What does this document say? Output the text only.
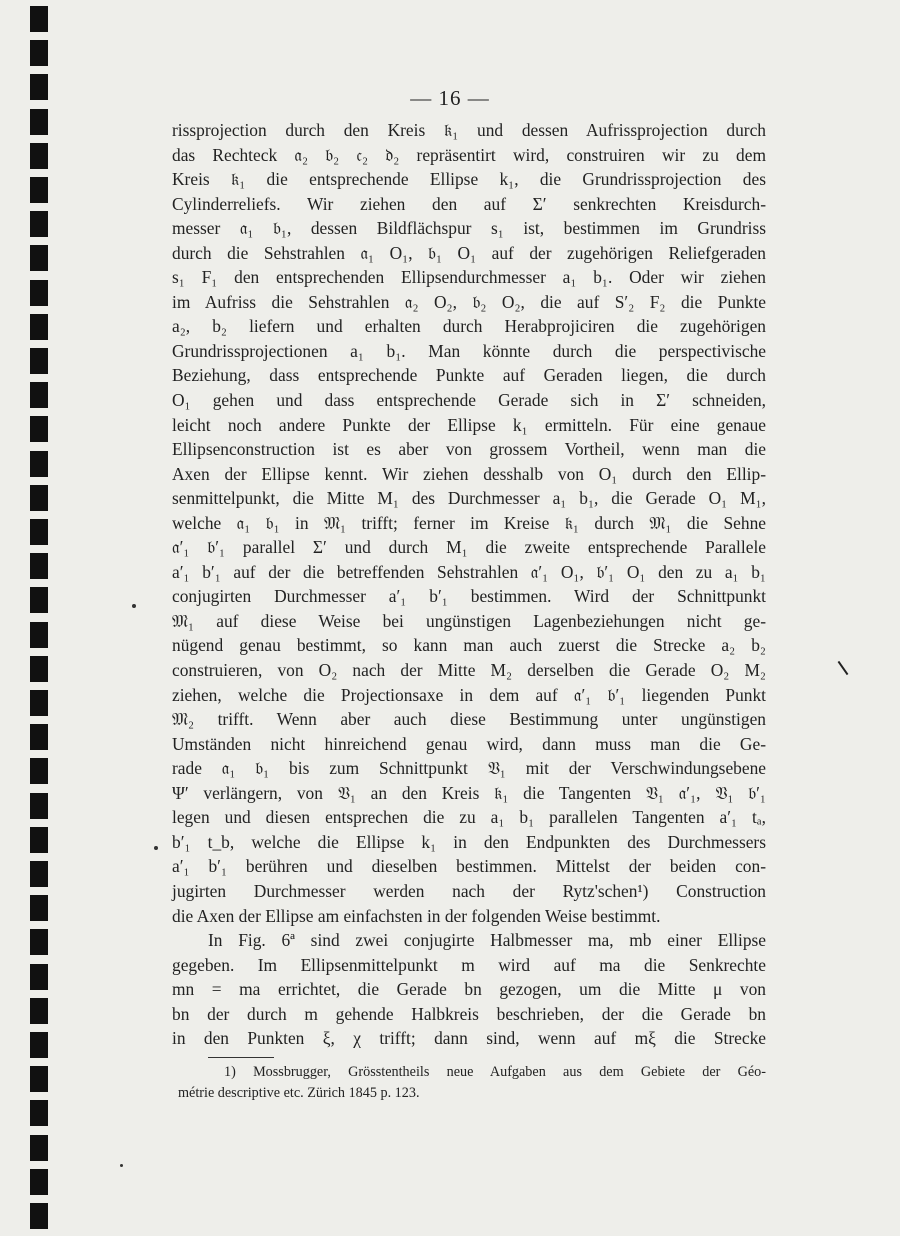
— 16 —
rissprojection durch den Kreis 𝔨₁ und dessen Aufrissprojection durch
das Rechteck 𝔞₂ 𝔟₂ 𝔠₂ 𝔡₂ repräsentirt wird, construiren wir zu dem
Kreis 𝔨₁ die entsprechende Ellipse k₁, die Grundrissprojection des
Cylinderreliefs. Wir ziehen den auf Σ′ senkrechten Kreisdurch-
messer 𝔞₁ 𝔟₁, dessen Bildflächspur s₁ ist, bestimmen im Grundriss
durch die Sehstrahlen 𝔞₁ O₁, 𝔟₁ O₁ auf der zugehörigen Reliefgeraden
s₁ F₁ den entsprechenden Ellipsendurchmesser a₁ b₁. Oder wir ziehen
im Aufriss die Sehstrahlen 𝔞₂ O₂, 𝔟₂ O₂, die auf S′₂ F₂ die Punkte
a₂, b₂ liefern und erhalten durch Herabprojiciren die zugehörigen
Grundrissprojectionen a₁ b₁. Man könnte durch die perspectivische
Beziehung, dass entsprechende Punkte auf Geraden liegen, die durch
O₁ gehen und dass entsprechende Gerade sich in Σ′ schneiden,
leicht noch andere Punkte der Ellipse k₁ ermitteln. Für eine genaue
Ellipsenconstruction ist es aber von grossem Vortheil, wenn man die
Axen der Ellipse kennt. Wir ziehen desshalb von O₁ durch den Ellip-
senmittelpunkt, die Mitte M₁ des Durchmesser a₁ b₁, die Gerade O₁ M₁,
welche 𝔞₁ 𝔟₁ in 𝔐₁ trifft; ferner im Kreise 𝔨₁ durch 𝔐₁ die Sehne
𝔞′₁ 𝔟′₁ parallel Σ′ und durch M₁ die zweite entsprechende Parallele
a′₁ b′₁ auf der die betreffenden Sehstrahlen 𝔞′₁ O₁, 𝔟′₁ O₁ den zu a₁ b₁
conjugirten Durchmesser a′₁ b′₁ bestimmen. Wird der Schnittpunkt
𝔐₁ auf diese Weise bei ungünstigen Lagenbeziehungen nicht ge-
nügend genau bestimmt, so kann man auch zuerst die Strecke a₂ b₂
construieren, von O₂ nach der Mitte M₂ derselben die Gerade O₂ M₂
ziehen, welche die Projectionsaxe in dem auf 𝔞′₁ 𝔟′₁ liegenden Punkt
𝔐₂ trifft. Wenn aber auch diese Bestimmung unter ungünstigen
Umständen nicht hinreichend genau wird, dann muss man die Ge-
rade 𝔞₁ 𝔟₁ bis zum Schnittpunkt 𝔙₁ mit der Verschwindungsebene
Ψ′ verlängern, von 𝔙₁ an den Kreis 𝔨₁ die Tangenten 𝔙₁ 𝔞′₁, 𝔙₁ 𝔟′₁
legen und diesen entsprechen die zu a₁ b₁ parallelen Tangenten a′₁ tₐ,
b′₁ t_b, welche die Ellipse k₁ in den Endpunkten des Durchmessers
a′₁ b′₁ berühren und dieselben bestimmen. Mittelst der beiden con-
jugirten Durchmesser werden nach der Rytz'schen¹) Construction
die Axen der Ellipse am einfachsten in der folgenden Weise bestimmt.
In Fig. 6ª sind zwei conjugirte Halbmesser ma, mb einer Ellipse
gegeben. Im Ellipsenmittelpunkt m wird auf ma die Senkrechte
mn = ma errichtet, die Gerade bn gezogen, um die Mitte μ von
bn der durch m gehende Halbkreis beschrieben, der die Gerade bn
in den Punkten ξ, χ trifft; dann sind, wenn auf mξ die Strecke
1) Mossbrugger, Grösstentheils neue Aufgaben aus dem Gebiete der Géo-
métrie descriptive etc. Zürich 1845 p. 123.
